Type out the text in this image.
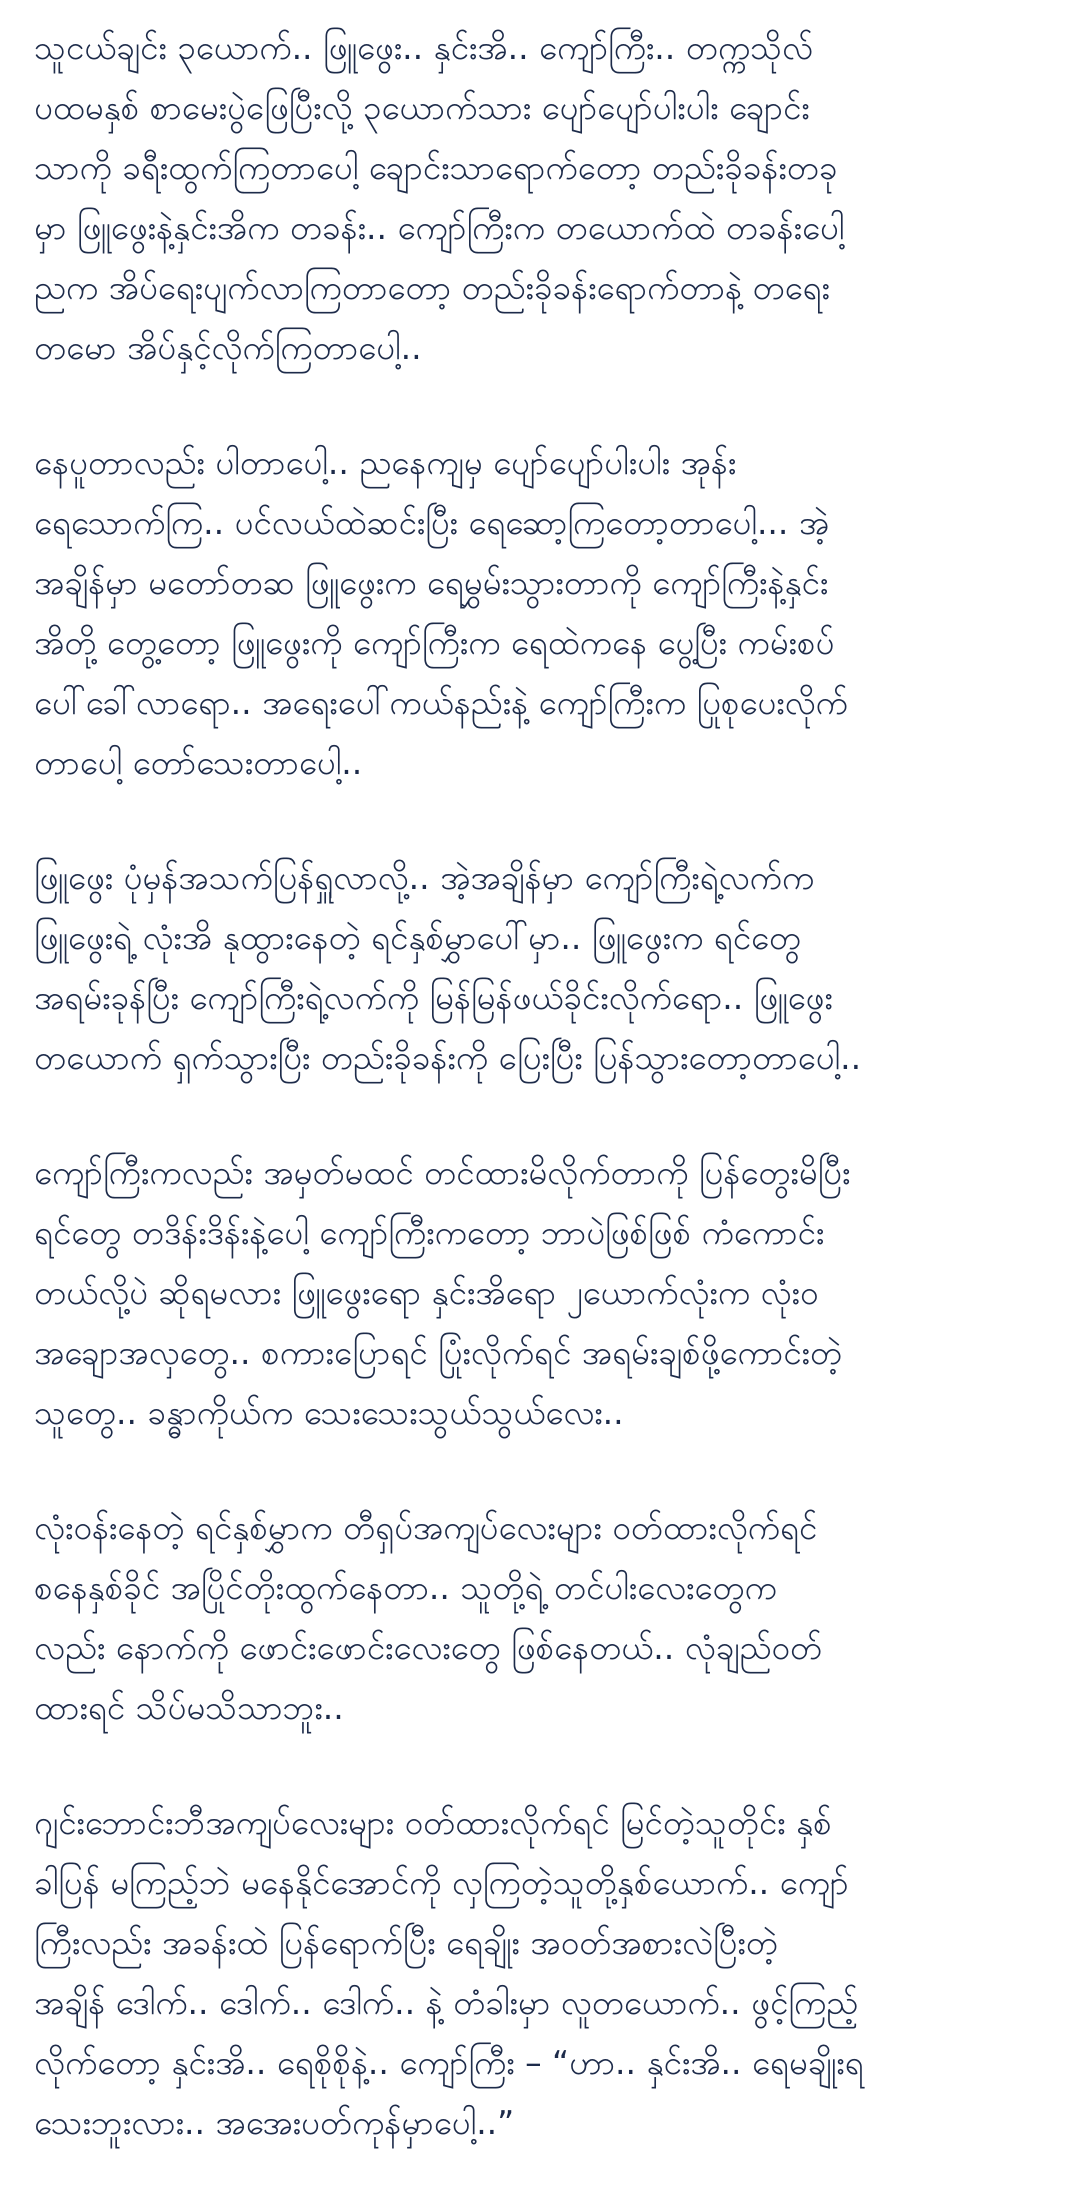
သူငယ်ချင်း ၃ယောက်.. ဖြူဖွေး.. နှင်းအိ.. ကျော်ကြီး.. တက္ကသိုလ်
ပထမနှစ် စာမေးပွဲဖြေပြီးလို့ ၃ယောက်သား ပျော်ပျော်ပါးပါး ချောင်း
သာကို ခရီးထွက်ကြတာပေါ့ ချောင်းသာရောက်တော့ တည်းခိုခန်းတခု
မှာ ဖြူဖွေးနဲ့နှင်းအိက တခန်း.. ကျော်ကြီးက တယောက်ထဲ တခန်းပေါ့
ညက အိပ်ရေးပျက်လာကြတာတော့ တည်းခိုခန်းရောက်တာနဲ့ တရေး
တမော အိပ်နှင့်လိုက်ကြတာပေါ့..

နေပူတာလည်း ပါတာပေါ့.. ညနေကျမှ ပျော်ပျော်ပါးပါး အုန်း
ရေသောက်ကြ.. ပင်လယ်ထဲဆင်းပြီး ရေဆော့ကြတော့တာပေါ့... အဲ့
အချိန်မှာ မတော်တဆ ဖြူဖွေးက ရေမွှမ်းသွားတာကို ကျော်ကြီးနဲ့နှင်း
အိတို့ တွေ့တော့ ဖြူဖွေးကို ကျော်ကြီးက ရေထဲကနေ ပွေ့ပြီး ကမ်းစပ်
ပေါ်ခေါ်လာရော.. အရေးပေါ်ကယ်နည်းနဲ့ ကျော်ကြီးက ပြုစုပေးလိုက်
တာပေါ့ တော်သေးတာပေါ့..

ဖြူဖွေး ပုံမှန်အသက်ပြန်ရှူလာလို့.. အဲ့အချိန်မှာ ကျော်ကြီးရဲ့လက်က
ဖြူဖွေးရဲ့ လုံးအိ နုထွားနေတဲ့ ရင်နှစ်မွှာပေါ်မှာ.. ဖြူဖွေးက ရင်တွေ
အရမ်းခုန်ပြီး ကျော်ကြီးရဲ့လက်ကို မြန်မြန်ဖယ်ခိုင်းလိုက်ရော.. ဖြူဖွေး
တယောက် ရှက်သွားပြီး တည်းခိုခန်းကို ပြေးပြီး ပြန်သွားတော့တာပေါ့..

ကျော်ကြီးကလည်း အမှတ်မထင် တင်ထားမိလိုက်တာကို ပြန်တွေးမိပြီး
ရင်တွေ တဒိန်းဒိန်းနဲ့ပေါ့ ကျော်ကြီးကတော့ ဘာပဲဖြစ်ဖြစ် ကံကောင်း
တယ်လို့ပဲ ဆိုရမလား ဖြူဖွေးရော နှင်းအိရော ၂ယောက်လုံးက လုံးဝ
အချောအလှတွေ.. စကားပြောရင် ပြုံးလိုက်ရင် အရမ်းချစ်ဖို့ကောင်းတဲ့
သူတွေ.. ခန္ဓာကိုယ်က သေးသေးသွယ်သွယ်လေး..

လုံးဝန်းနေတဲ့ ရင်နှစ်မွှာက တီရှပ်အကျပ်လေးများ ဝတ်ထားလိုက်ရင်
စနေနှစ်ခိုင် အပြိုင်တိုးထွက်နေတာ.. သူတို့ရဲ့ တင်ပါးလေးတွေက
လည်း နောက်ကို ဖောင်းဖောင်းလေးတွေ ဖြစ်နေတယ်.. လုံချည်ဝတ်
ထားရင် သိပ်မသိသာဘူး..

ဂျင်းဘောင်းဘီအကျပ်လေးများ ဝတ်ထားလိုက်ရင် မြင်တဲ့သူတိုင်း နှစ်
ခါပြန် မကြည့်ဘဲ မနေနိုင်အောင်ကို လှကြတဲ့သူတို့နှစ်ယောက်.. ကျော်
ကြီးလည်း အခန်းထဲ ပြန်ရောက်ပြီး ရေချိုး အဝတ်အစားလဲပြီးတဲ့
အချိန် ဒေါက်.. ဒေါက်.. ဒေါက်.. နဲ့ တံခါးမှာ လူတယောက်.. ဖွင့်ကြည့်
လိုက်တော့ နှင်းအိ.. ရေစိုစိုနဲ့.. ကျော်ကြီး – “ဟာ.. နှင်းအိ.. ရေမချိုးရ
သေးဘူးလား.. အအေးပတ်ကုန်မှာပေါ့..”
